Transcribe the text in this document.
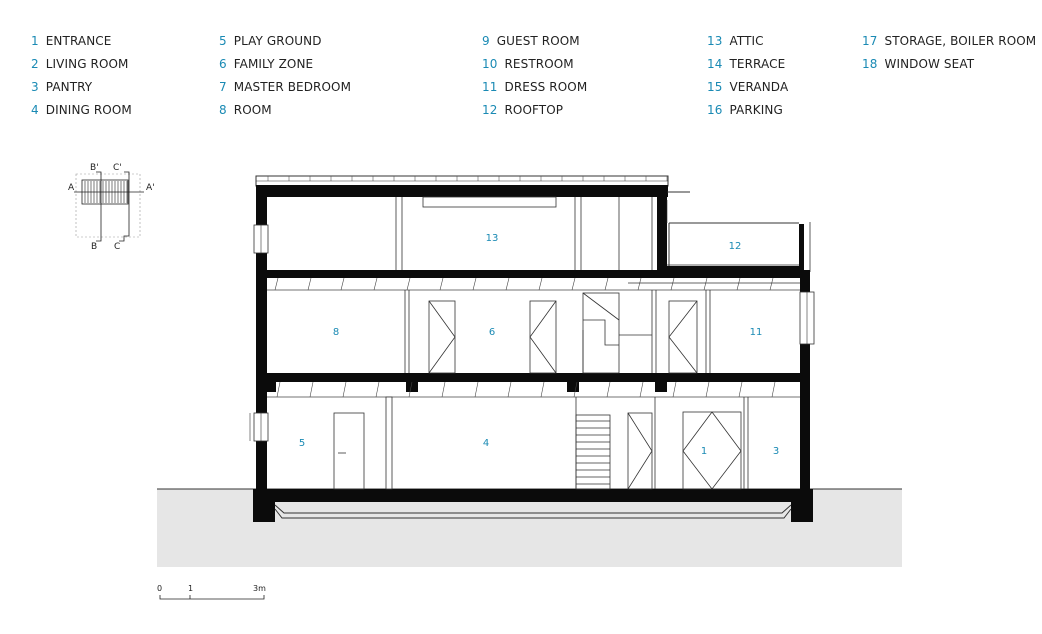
1 ENTRANCE
2 LIVING ROOM
3 PANTRY
4 DINING ROOM
5 PLAY GROUND
6 FAMILY ZONE
7 MASTER BEDROOM
8 ROOM
9 GUEST ROOM
10 RESTROOM
11 DRESS ROOM
12 ROOFTOP
13 ATTIC
14 TERRACE
15 VERANDA
16 PARKING
17 STORAGE, BOILER ROOM
18 WINDOW SEAT
13
12
8	6	11
5	4
1	3
A	A'
B'
B
C'
C
0	1	3m
